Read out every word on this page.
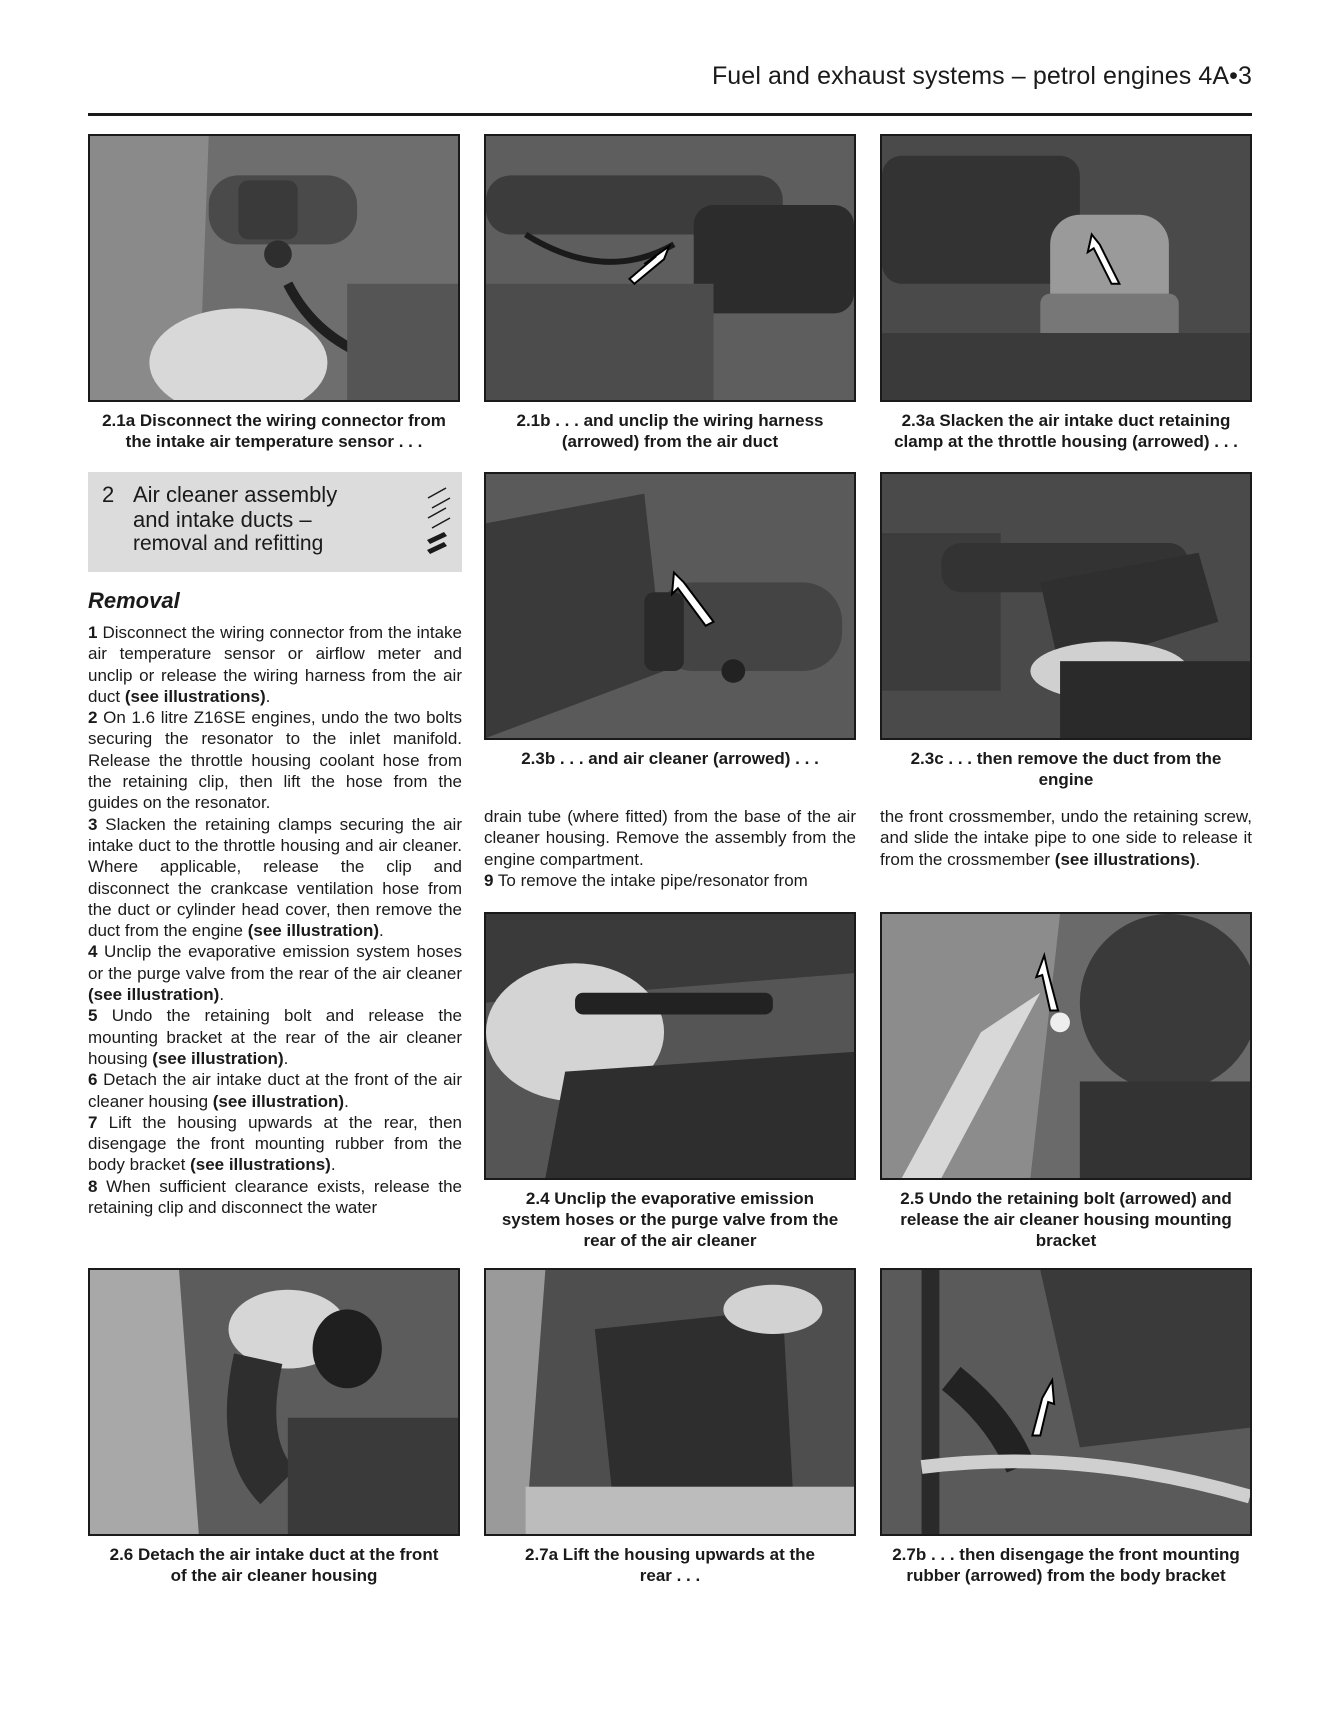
Fuel and exhaust systems – petrol engines 4A•3
2.1a Disconnect the wiring connector from
the intake air temperature sensor . . .
2.1b . . . and unclip the wiring harness
(arrowed) from the air duct
2.3a Slacken the air intake duct retaining
clamp at the throttle housing (arrowed) . . .
2 Air cleaner assembly
and intake ducts –
removal and refitting
Removal

1 Disconnect the wiring connector from the intake air temperature sensor or airflow meter and unclip or release the wiring harness from the air duct (see illustrations).

2 On 1.6 litre Z16SE engines, undo the two bolts securing the resonator to the inlet manifold. Release the throttle housing coolant hose from the retaining clip, then lift the hose from the guides on the resonator.

3 Slacken the retaining clamps securing the air intake duct to the throttle housing and air cleaner. Where applicable, release the clip and disconnect the crankcase ventilation hose from the duct or cylinder head cover, then remove the duct from the engine (see illustration).

4 Unclip the evaporative emission system hoses or the purge valve from the rear of the air cleaner (see illustration).

5 Undo the retaining bolt and release the mounting bracket at the rear of the air cleaner housing (see illustration).

6 Detach the air intake duct at the front of the air cleaner housing (see illustration).

7 Lift the housing upwards at the rear, then disengage the front mounting rubber from the body bracket (see illustrations).

8 When sufficient clearance exists, release the retaining clip and disconnect the water

2.3b . . . and air cleaner (arrowed) . . .	2.3c . . . then remove the duct from the
engine

drain tube (where fitted) from the base of the air cleaner housing. Remove the assembly from the engine compartment.

9 To remove the intake pipe/resonator from

the front crossmember, undo the retaining screw, and slide the intake pipe to one side to release it from the crossmember (see illustrations).

2.4 Unclip the evaporative emission
system hoses or the purge valve from the
rear of the air cleaner
2.5 Undo the retaining bolt (arrowed) and
release the air cleaner housing mounting
bracket
2.6 Detach the air intake duct at the front
of the air cleaner housing
2.7a Lift the housing upwards at the
rear . . .
2.7b . . . then disengage the front mounting
rubber (arrowed) from the body bracket
